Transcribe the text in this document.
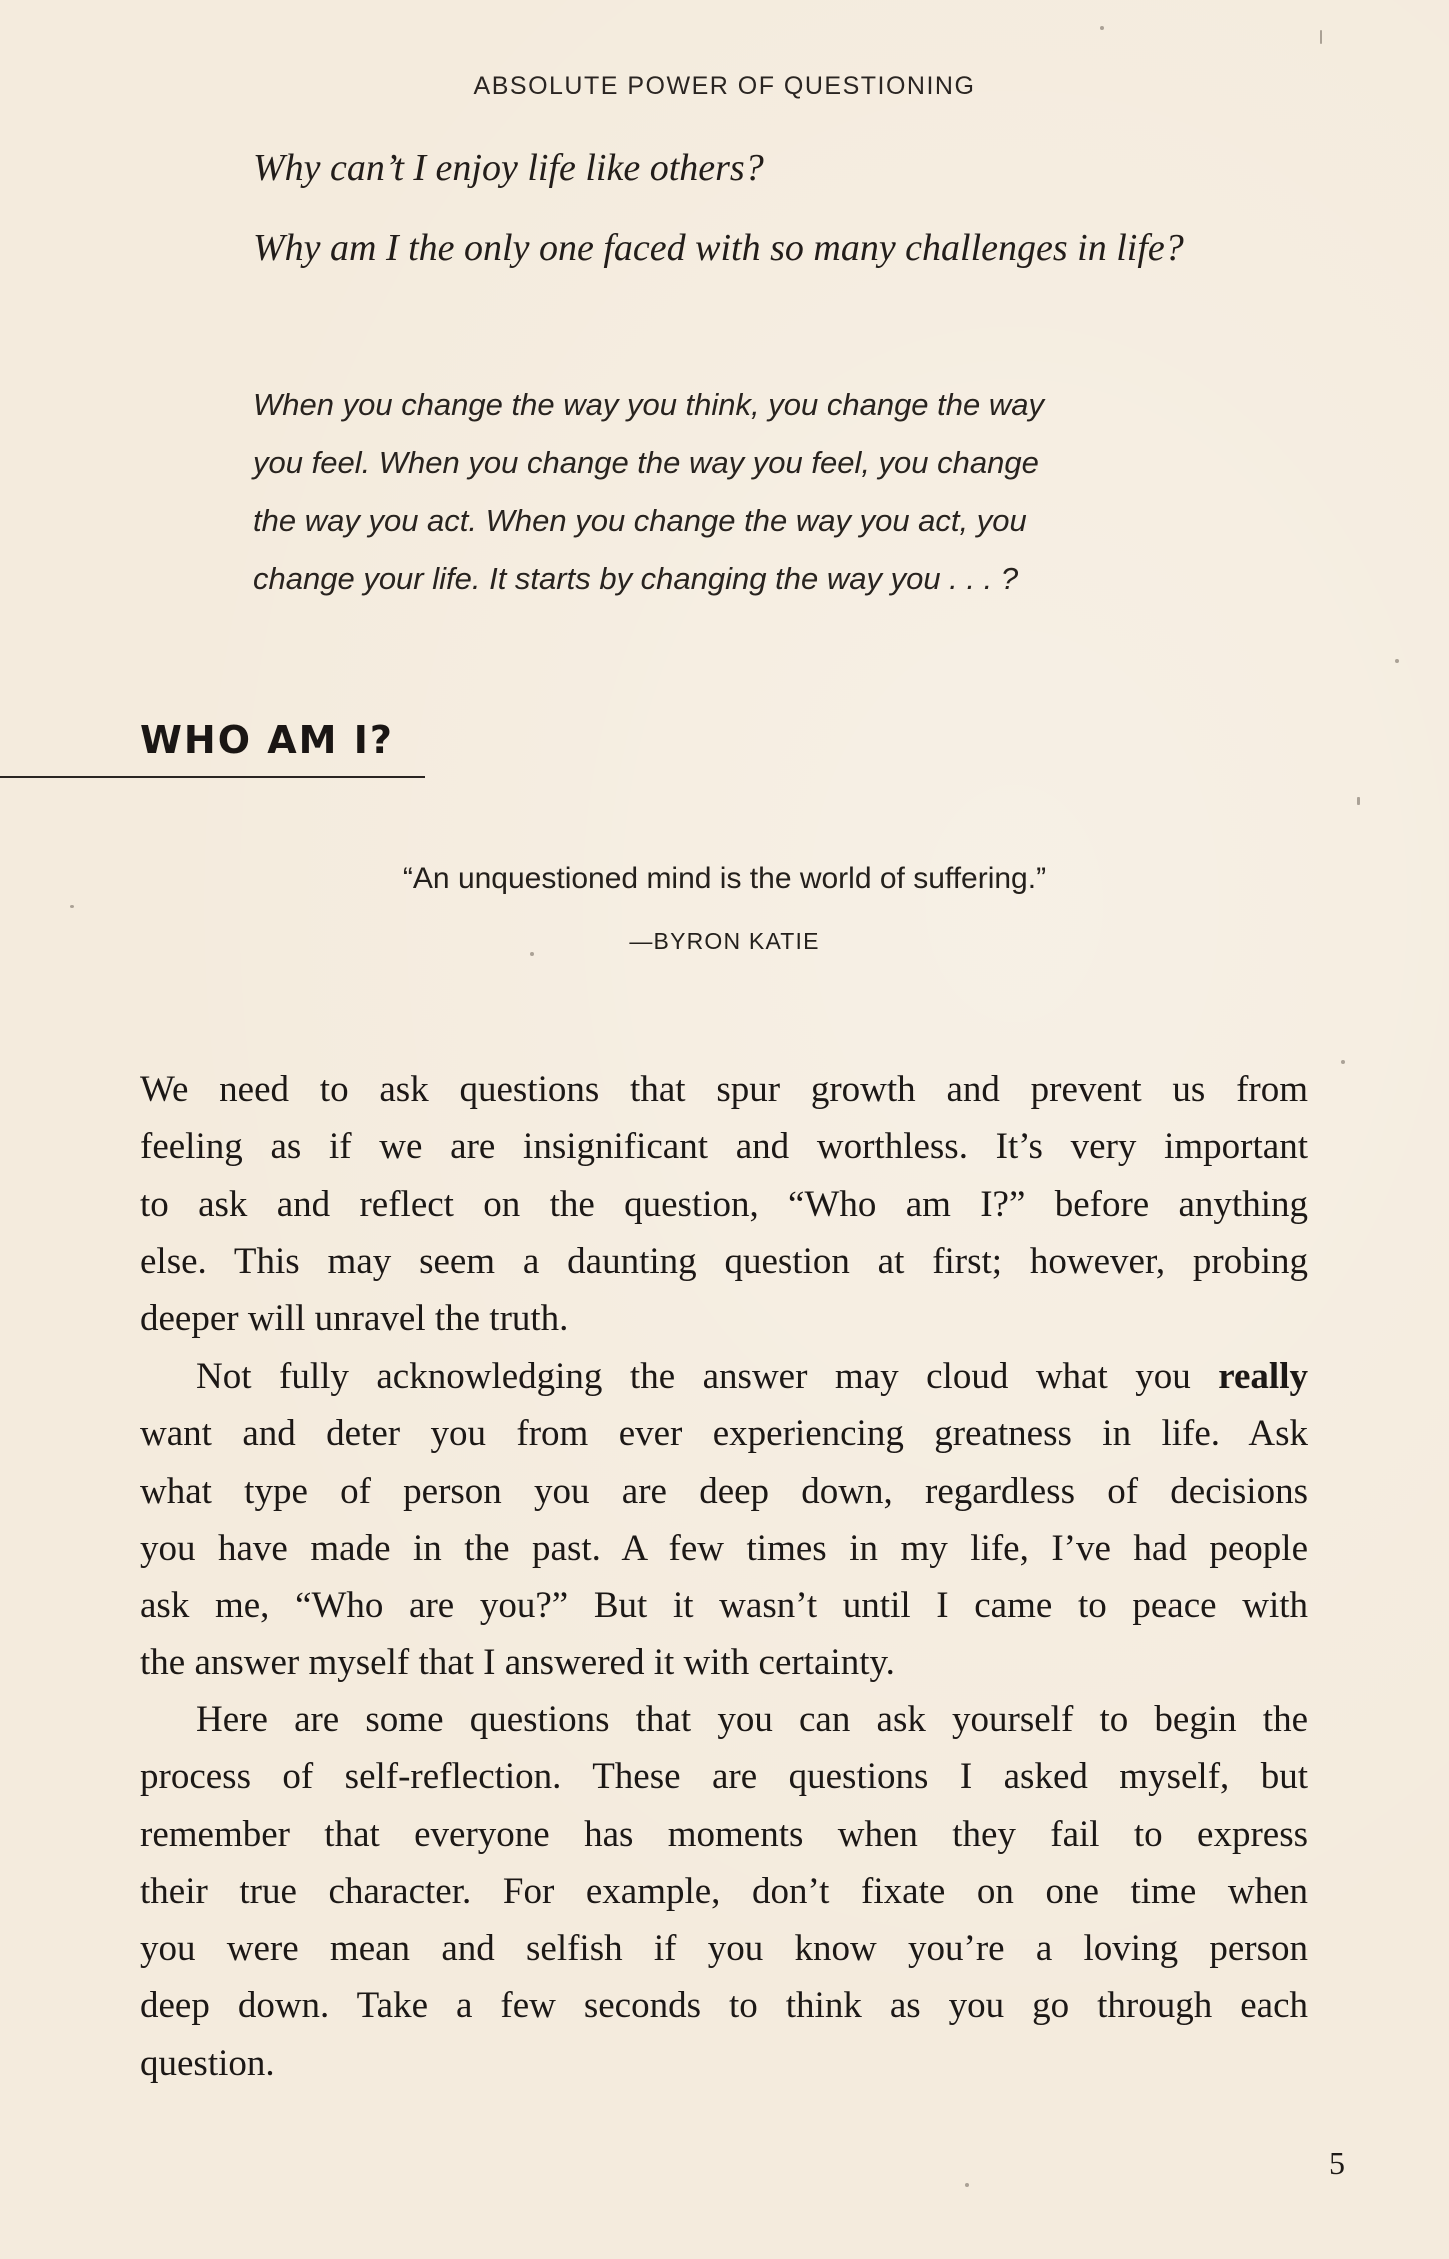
ABSOLUTE POWER OF QUESTIONING
Why can’t I enjoy life like others?
Why am I the only one faced with so many challenges in life?
When you change the way you think, you change the way
you feel. When you change the way you feel, you change
the way you act. When you change the way you act, you
change your life. It starts by changing the way you . . . ?
WHO AM I?
“An unquestioned mind is the world of suffering.”
—BYRON KATIE
We need to ask questions that spur growth and prevent us from
feeling as if we are insignificant and worthless. It’s very important
to ask and reflect on the question, “Who am I?” before anything
else. This may seem a daunting question at first; however, probing
deeper will unravel the truth.
Not fully acknowledging the answer may cloud what you really
want and deter you from ever experiencing greatness in life. Ask
what type of person you are deep down, regardless of decisions
you have made in the past. A few times in my life, I’ve had people
ask me, “Who are you?” But it wasn’t until I came to peace with
the answer myself that I answered it with certainty.
Here are some questions that you can ask yourself to begin the
process of self-reflection. These are questions I asked myself, but
remember that everyone has moments when they fail to express
their true character. For example, don’t fixate on one time when
you were mean and selfish if you know you’re a loving person
deep down. Take a few seconds to think as you go through each
question.
5
